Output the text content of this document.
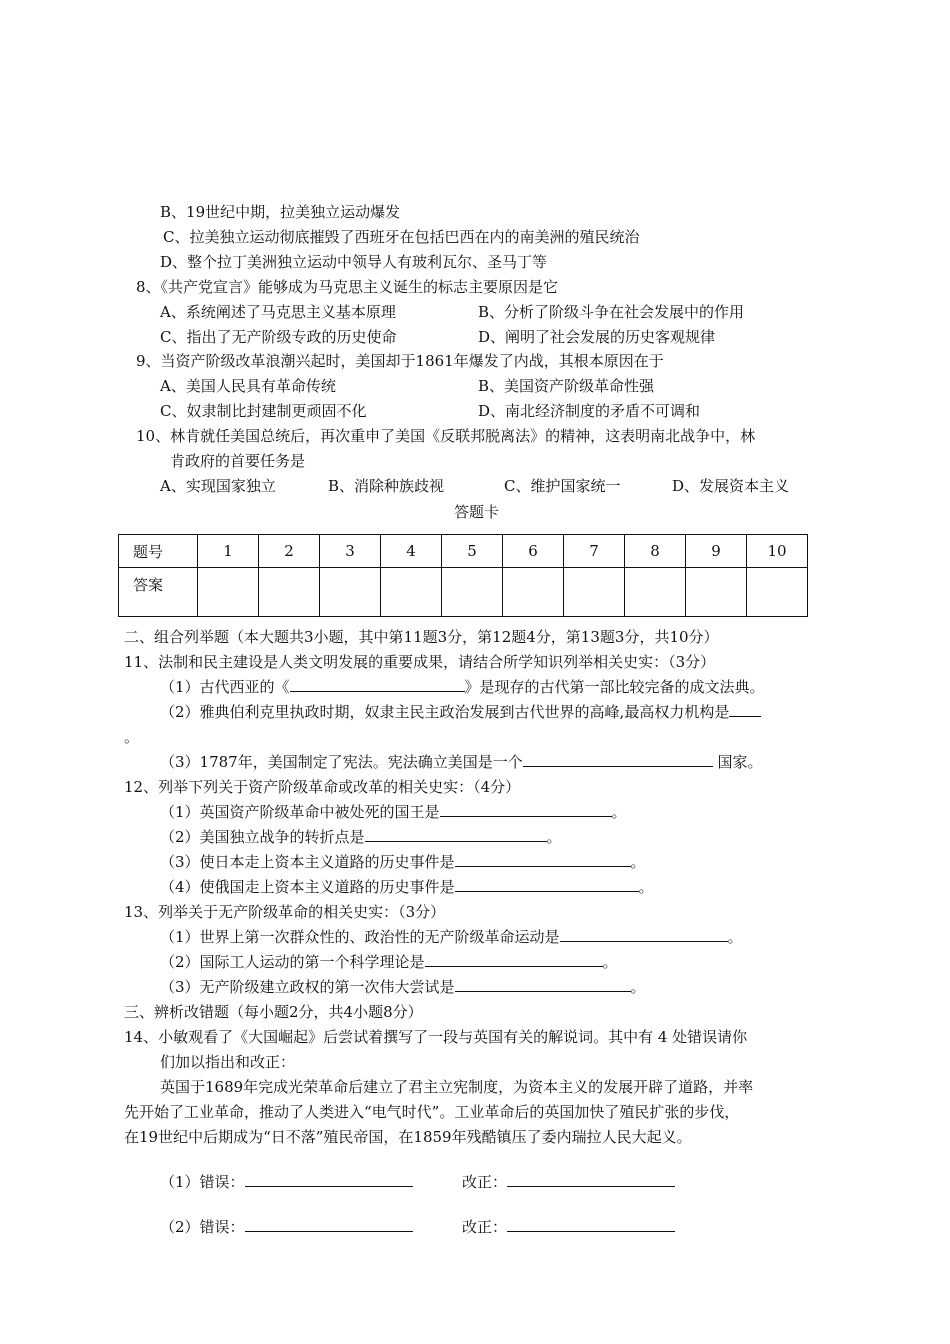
B、19世纪中期，拉美独立运动爆发
C、拉美独立运动彻底摧毁了西班牙在包括巴西在内的南美洲的殖民统治
D、整个拉丁美洲独立运动中领导人有玻利瓦尔、圣马丁等
8、《共产党宣言》能够成为马克思主义诞生的标志主要原因是它
A、系统阐述了马克思主义基本原理	B、分析了阶级斗争在社会发展中的作用
C、指出了无产阶级专政的历史使命	D、阐明了社会发展的历史客观规律
9、当资产阶级改革浪潮兴起时，美国却于1861年爆发了内战，其根本原因在于
A、美国人民具有革命传统	B、美国资产阶级革命性强
C、奴隶制比封建制更顽固不化	D、南北经济制度的矛盾不可调和
10、林肯就任美国总统后，再次重申了美国《反联邦脱离法》的精神，这表明南北战争中，林
肯政府的首要任务是
A、实现国家独立	B、消除种族歧视	C、维护国家统一	D、发展资本主义
答题卡
题号	1	2	3	4	5	6	7	8	9	10
答案										
二、组合列举题（本大题共3小题，其中第11题3分，第12题4分，第13题3分，共10分）
11、法制和民主建设是人类文明发展的重要成果，请结合所学知识列举相关史实：（3分）
（1）古代西亚的《	》是现存的古代第一部比较完备的成文法典。
（2）雅典伯利克里执政时期，奴隶主民主政治发展到古代世界的高峰,最高权力机构是
。
（3）1787年，美国制定了宪法。宪法确立美国是一个	国家。
12、列举下列关于资产阶级革命或改革的相关史实：（4分）
（1）英国资产阶级革命中被处死的国王是	。
（2）美国独立战争的转折点是	。
（3）使日本走上资本主义道路的历史事件是	。
（4）使俄国走上资本主义道路的历史事件是	。
13、列举关于无产阶级革命的相关史实：（3分）
（1）世界上第一次群众性的、政治性的无产阶级革命运动是	。
（2）国际工人运动的第一个科学理论是	。
（3）无产阶级建立政权的第一次伟大尝试是	。
三、辨析改错题（每小题2分，共4小题8分）
14、小敏观看了《大国崛起》后尝试着撰写了一段与英国有关的解说词。其中有 4 处错误请你
们加以指出和改正：
英国于1689年完成光荣革命后建立了君主立宪制度，为资本主义的发展开辟了道路，并率
先开始了工业革命，推动了人类进入“电气时代”。工业革命后的英国加快了殖民扩张的步伐，
在19世纪中后期成为“日不落”殖民帝国，在1859年残酷镇压了委内瑞拉人民大起义。
（1）错误：	改正：
（2）错误：	改正：
